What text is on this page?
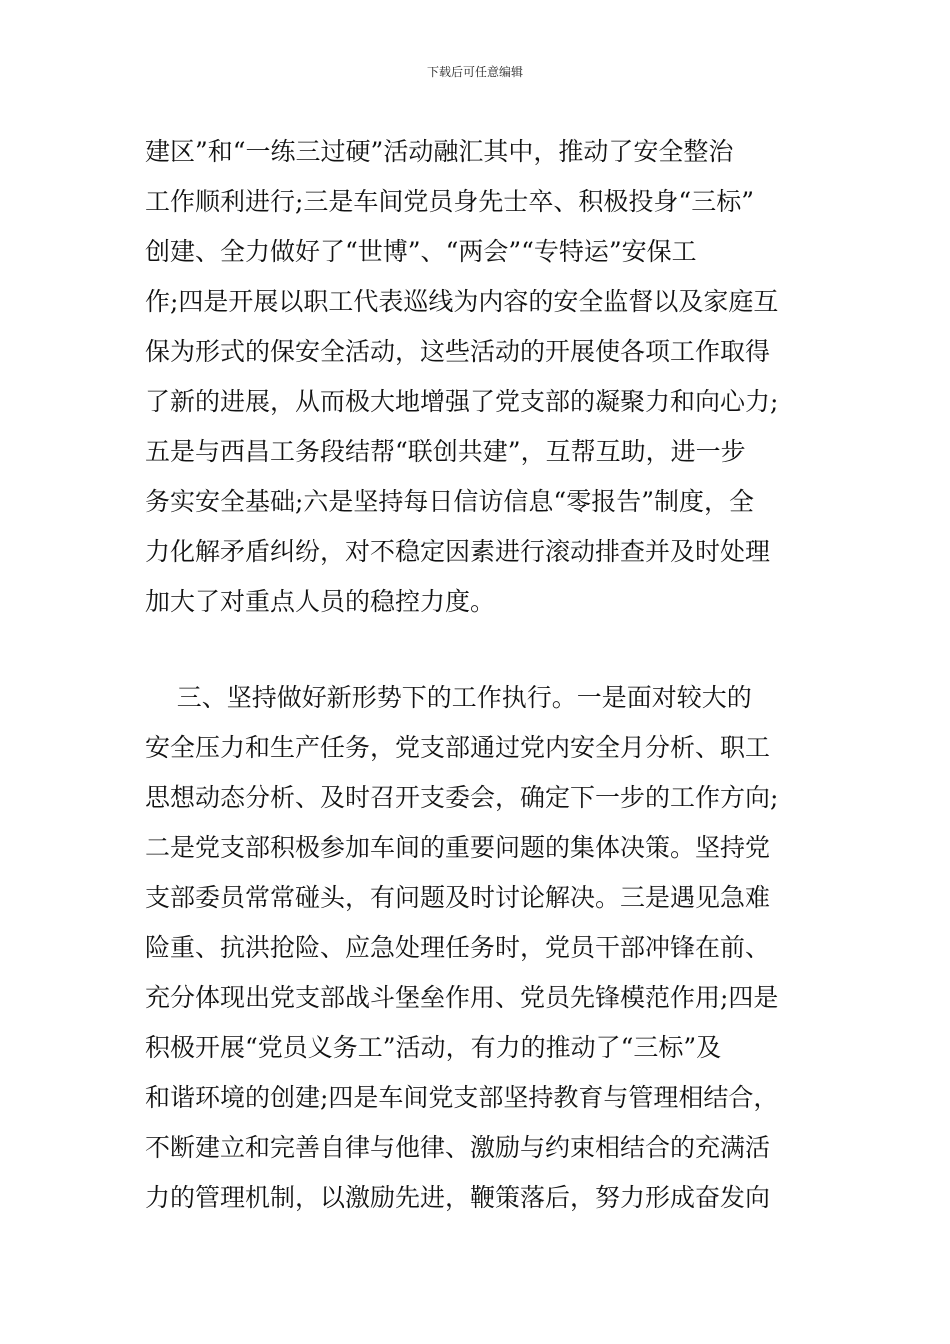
下载后可任意编辑
建区”和“一练三过硬”活动融汇其中，推动了安全整治
工作顺利进行;三是车间党员身先士卒、积极投身“三标”
创建、全力做好了“世博”、“两会”“专特运”安保工
作;四是开展以职工代表巡线为内容的安全监督以及家庭互
保为形式的保安全活动，这些活动的开展使各项工作取得
了新的进展，从而极大地增强了党支部的凝聚力和向心力;
五是与西昌工务段结帮“联创共建”，互帮互助，进一步
务实安全基础;六是坚持每日信访信息“零报告”制度，全
力化解矛盾纠纷，对不稳定因素进行滚动排查并及时处理
加大了对重点人员的稳控力度。
三、坚持做好新形势下的工作执行。一是面对较大的
安全压力和生产任务，党支部通过党内安全月分析、职工
思想动态分析、及时召开支委会，确定下一步的工作方向;
二是党支部积极参加车间的重要问题的集体决策。坚持党
支部委员常常碰头，有问题及时讨论解决。三是遇见急难
险重、抗洪抢险、应急处理任务时，党员干部冲锋在前、
充分体现出党支部战斗堡垒作用、党员先锋模范作用;四是
积极开展“党员义务工”活动，有力的推动了“三标”及
和谐环境的创建;四是车间党支部坚持教育与管理相结合，
不断建立和完善自律与他律、激励与约束相结合的充满活
力的管理机制，以激励先进，鞭策落后，努力形成奋发向
